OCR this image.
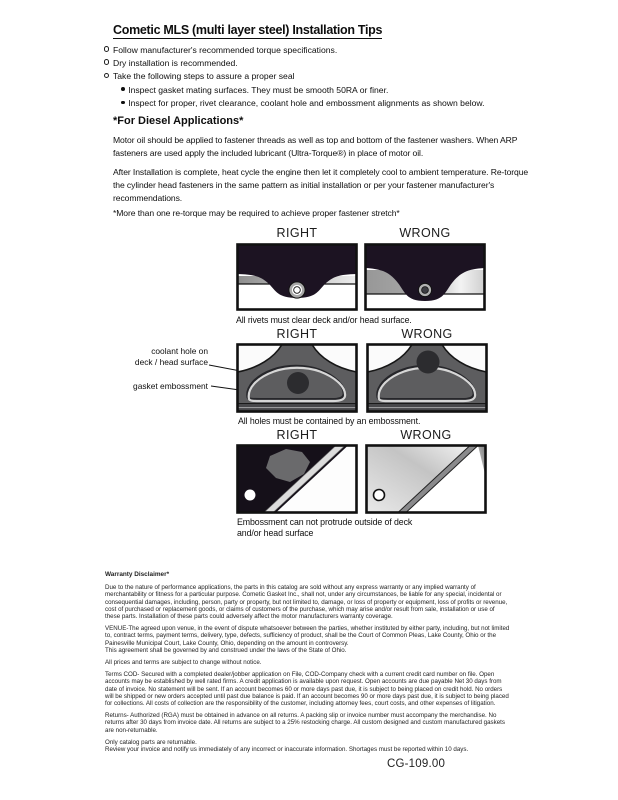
Cometic MLS (multi layer steel) Installation Tips
Follow manufacturer's recommended torque specifications.
Dry installation is recommended.
Take the following steps to assure a proper seal
Inspect gasket mating surfaces. They must be smooth 50RA or finer.
Inspect for proper, rivet clearance, coolant hole and embossment alignments as shown below.
*For Diesel Applications*
Motor oil should be applied to fastener threads as well as top and bottom of the fastener washers. When ARP fasteners are used apply the included lubricant (Ultra-Torque®) in place of motor oil.
After Installation is complete, heat cycle the engine then let it completely cool to ambient temperature. Re-torque the cylinder head fasteners in the same pattern as initial installation or per your fastener manufacturer's recommendations.
*More than one re-torque may be required to achieve proper fastener stretch*
RIGHT	WRONG
All rivets must clear deck and/or head surface.
RIGHT	WRONG
coolant hole on
deck / head surface
gasket embossment
All holes must be contained by an embossment.
RIGHT	WRONG
Embossment can not protrude outside of deck
and/or head surface

Warranty Disclaimer*

Due to the nature of performance applications, the parts in this catalog are sold without any express warranty or any implied warranty of merchantability or fitness for a particular purpose. Cometic Gasket Inc., shall not, under any circumstances, be liable for any special, incidental or consequential damages, including, person, party or property, but not limited to, damage, or loss of property or equipment, loss of profits or revenue, cost of purchased or replacement goods, or claims of customers of the purchase, which may arise and/or result from sale, installation or use of these parts. Installation of these parts could adversely affect the motor manufacturers warranty coverage.

VENUE-The agreed upon venue, in the event of dispute whatsoever between the parties, whether instituted by either party, including, but not limited to, contract terms, payment terms, delivery, type, defects, sufficiency of product, shall be the Court of Common Pleas, Lake County, Ohio or the Painesville Municipal Court, Lake County, Ohio, depending on the amount in controversy.

This agreement shall be governed by and construed under the laws of the State of Ohio.

All prices and terms are subject to change without notice.

Terms COD- Secured with a completed dealer/jobber application on File, COD-Company check with a current credit card number on file. Open accounts may be established by well rated firms. A credit application is available upon request. Open accounts are due payable Net 30 days from date of invoice. No statement will be sent. If an account becomes 60 or more days past due, it is subject to being placed on credit hold. No orders will be shipped or new orders accepted until past due balance is paid. If an account becomes 90 or more days past due, it is subject to being placed for collections. All costs of collection are the responsibility of the customer, including attorney fees, court costs, and other expenses of litigation.

Returns- Authorized (RGA) must be obtained in advance on all returns. A packing slip or invoice number must accompany the merchandise. No returns after 30 days from invoice date. All returns are subject to a 25% restocking charge. All custom designed and custom manufactured gaskets are non-returnable.

Only catalog parts are returnable.

Review your invoice and notify us immediately of any incorrect or inaccurate information. Shortages must be reported within 10 days.

CG-109.00
